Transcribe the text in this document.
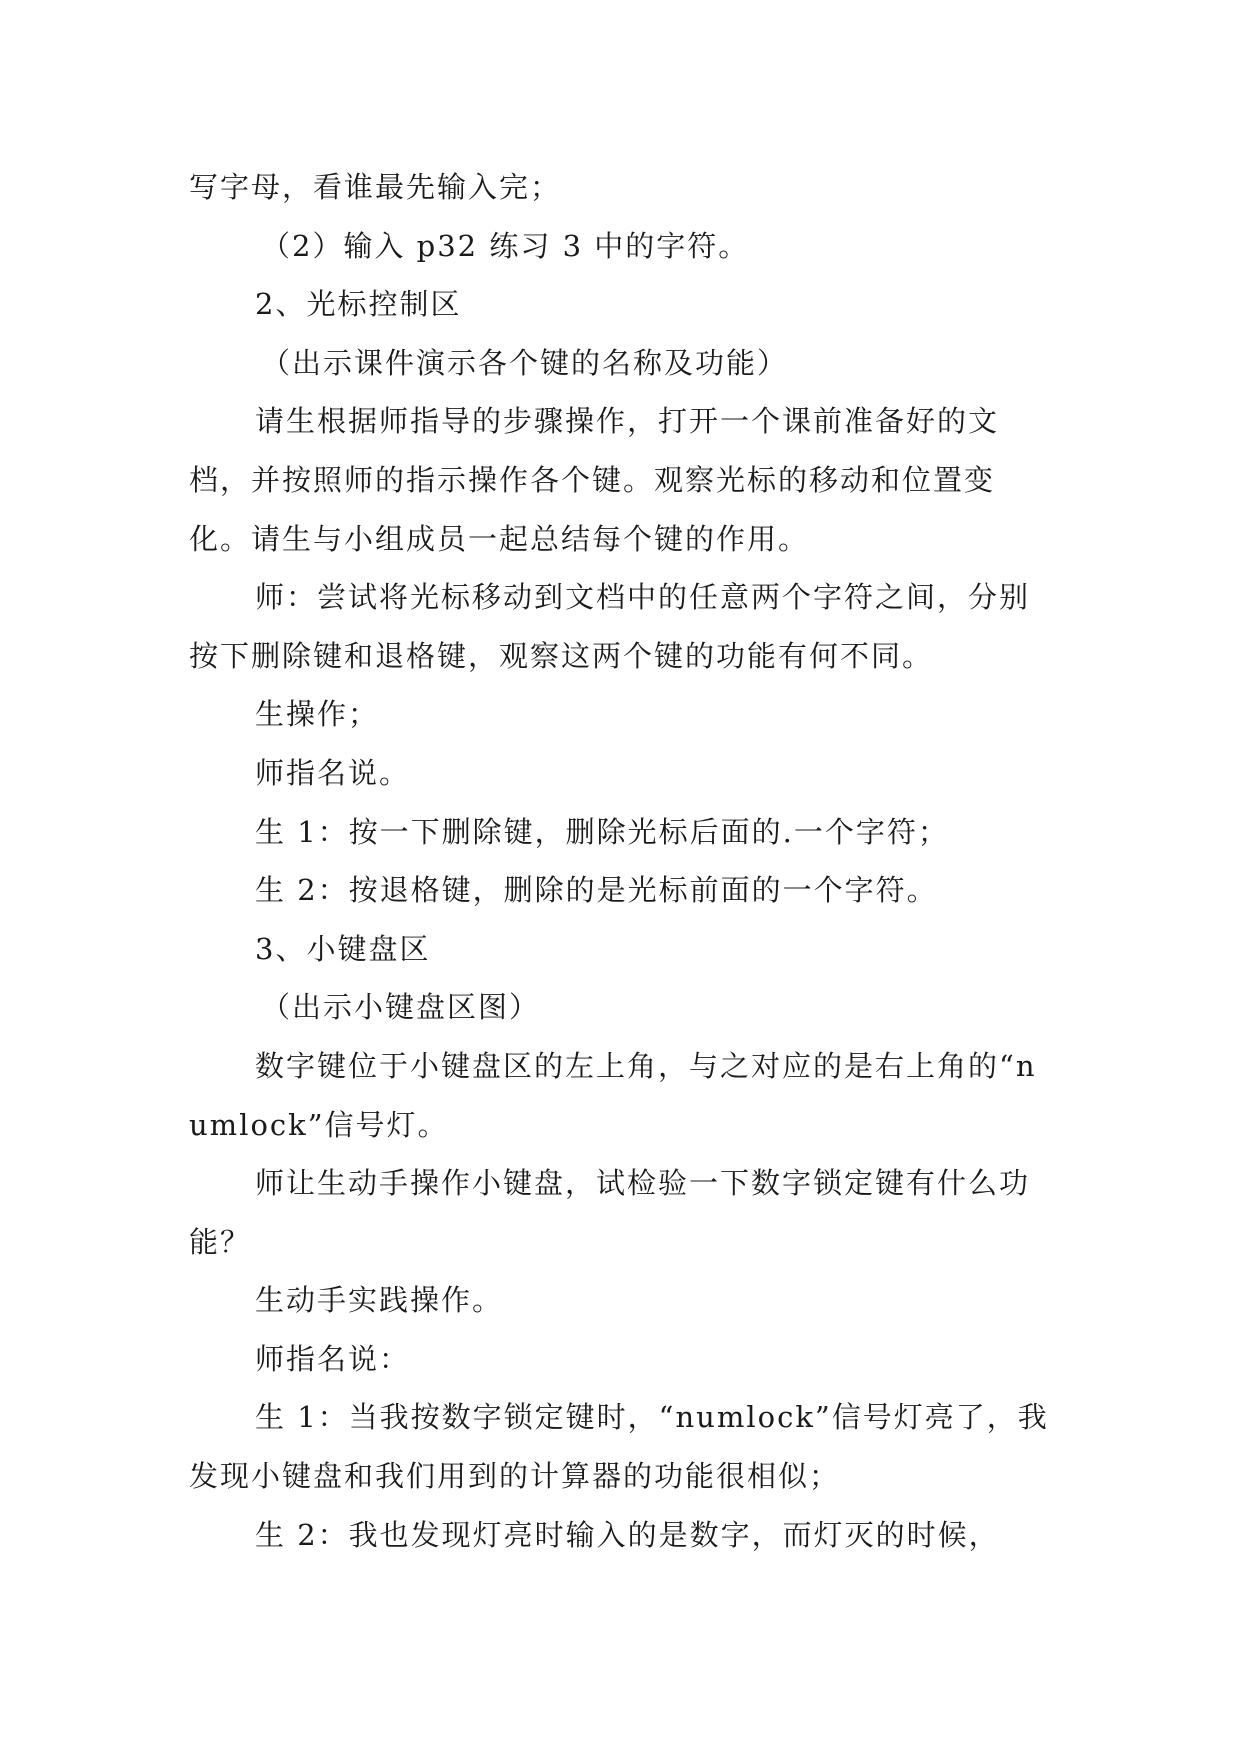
写字母，看谁最先输入完；

（2）输入 p32 练习 3 中的字符。

2、光标控制区

（出示课件演示各个键的名称及功能）

请生根据师指导的步骤操作，打开一个课前准备好的文档，并按照师的指示操作各个键。观察光标的移动和位置变化。请生与小组成员一起总结每个键的作用。

师：尝试将光标移动到文档中的任意两个字符之间，分别按下删除键和退格键，观察这两个键的功能有何不同。

生操作；

师指名说。

生 1：按一下删除键，删除光标后面的.一个字符；

生 2：按退格键，删除的是光标前面的一个字符。

3、小键盘区

（出示小键盘区图）

数字键位于小键盘区的左上角，与之对应的是右上角的“numlock”信号灯。

师让生动手操作小键盘，试检验一下数字锁定键有什么功能？

生动手实践操作。

师指名说：

生 1：当我按数字锁定键时，“numlock”信号灯亮了，我发现小键盘和我们用到的计算器的功能很相似；

生 2：我也发现灯亮时输入的是数字，而灯灭的时候，
